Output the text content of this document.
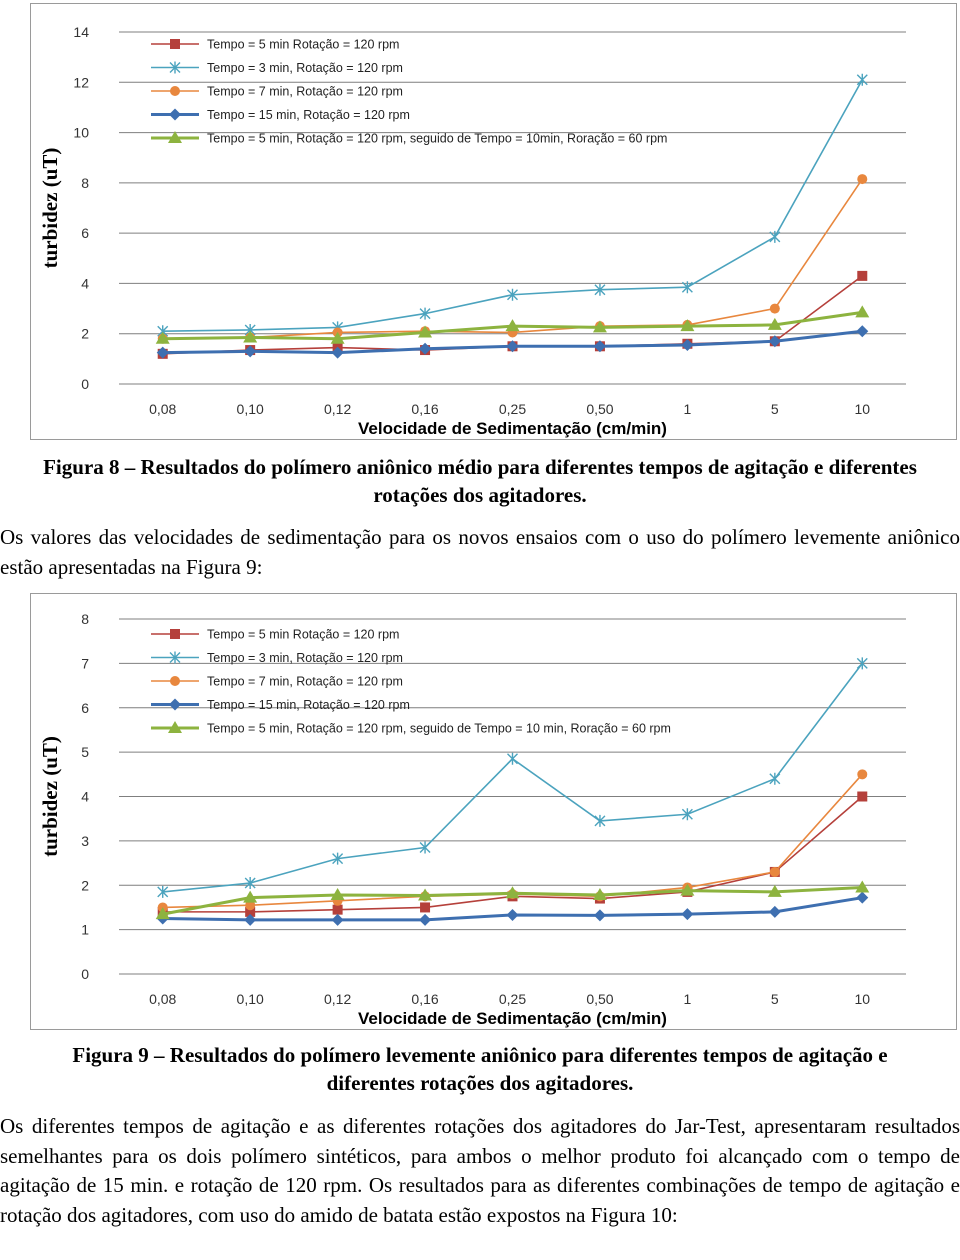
0
2
4
6
8
10
12
14
0,08	0,10	0,12	0,16	0,25	0,50	1	5	10
Velocidade de Sedimentação (cm/min)
turbidez (uT)
Tempo = 5 min Rotação = 120 rpm
Tempo = 3 min, Rotação = 120 rpm
Tempo = 7 min, Rotação = 120 rpm
Tempo = 15 min, Rotação = 120 rpm
Tempo = 5 min, Rotação = 120 rpm, seguido de Tempo = 10min, Roração = 60 rpm
Figura 8 – Resultados do polímero aniônico médio para diferentes tempos de agitação e diferentes rotações dos agitadores.
Os valores das velocidades de sedimentação para os novos ensaios com o uso do polímero levemente aniônico estão apresentadas na Figura 9:
0
1
2
3
4
5
6
7
8
0,08	0,10	0,12	0,16	0,25	0,50	1	5	10
Velocidade de Sedimentação (cm/min)
turbidez (uT)
Tempo = 5 min Rotação = 120 rpm
Tempo = 3 min, Rotação = 120 rpm
Tempo = 7 min, Rotação = 120 rpm
Tempo = 15 min, Rotação = 120 rpm
Tempo = 5 min, Rotação = 120 rpm, seguido de Tempo = 10 min, Roração = 60 rpm
Figura 9 – Resultados do polímero levemente aniônico para diferentes tempos de agitação e diferentes rotações dos agitadores.
Os diferentes tempos de agitação e as diferentes rotações dos agitadores do Jar-Test, apresentaram resultados semelhantes para os dois polímero sintéticos, para ambos o melhor produto foi alcançado com o tempo de agitação de 15 min. e rotação de 120 rpm. Os resultados para as diferentes combinações de tempo de agitação e rotação dos agitadores, com uso do amido de batata estão expostos na Figura 10:
